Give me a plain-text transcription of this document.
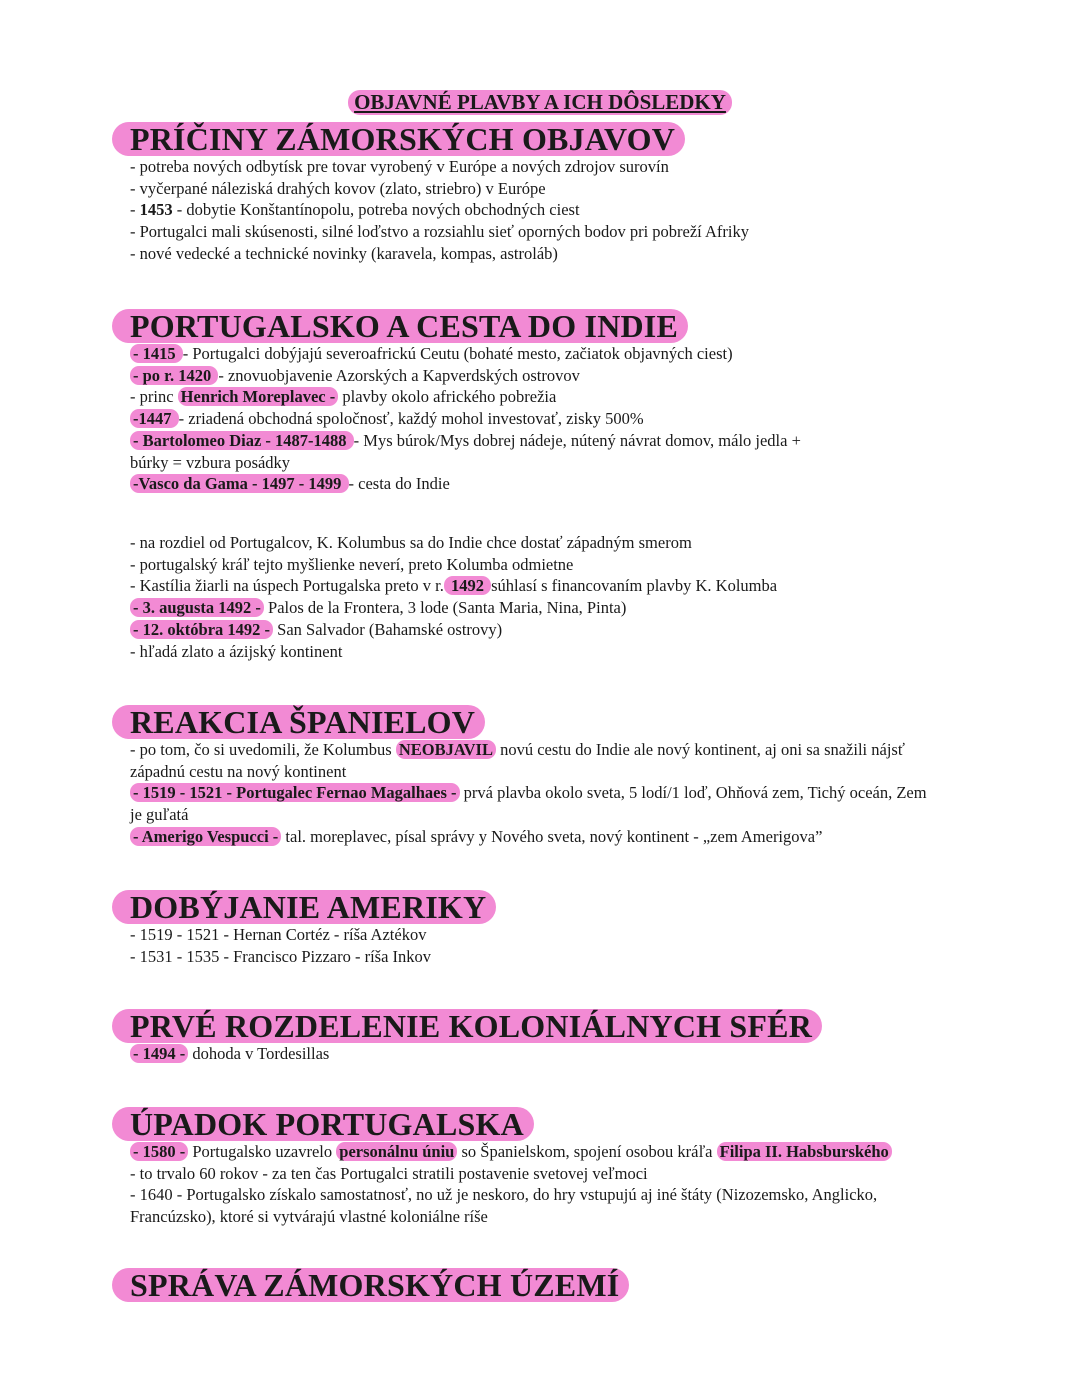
OBJAVNÉ PLAVBY A ICH DÔSLEDKY
PRÍČINY ZÁMORSKÝCH OBJAVOV
- potreba nových odbytísk pre tovar vyrobený v Európe a nových zdrojov surovín
- vyčerpané náleziská drahých kovov (zlato, striebro) v Európe
- 1453 - dobytie Konštantínopolu, potreba nových obchodných ciest
- Portugalci mali skúsenosti, silné loďstvo a rozsiahlu sieť oporných bodov pri pobreží Afriky
- nové vedecké a technické novinky (karavela, kompas, astroláb)
PORTUGALSKO A CESTA DO INDIE
- 1415 - Portugalci dobýjajú severoafrickú Ceutu (bohaté mesto, začiatok objavných ciest)
- po r. 1420 - znovuobjavenie Azorských a Kapverdských ostrovov
- princ Henrich Moreplavec - plavby okolo afrického pobrežia
-1447 - zriadená obchodná spoločnosť, každý mohol investovať, zisky 500%
- Bartolomeo Diaz - 1487-1488 - Mys búrok/Mys dobrej nádeje, nútený návrat domov, málo jedla + búrky = vzbura posádky
-Vasco da Gama - 1497 - 1499 - cesta do Indie
- na rozdiel od Portugalcov, K. Kolumbus sa do Indie chce dostať západným smerom
- portugalský kráľ tejto myšlienke neverí, preto Kolumba odmietne
- Kastília žiarli na úspech Portugalska preto v r. 1492 súhlasí s financovaním plavby K. Kolumba
- 3. augusta 1492 - Palos de la Frontera, 3 lode (Santa Maria, Nina, Pinta)
- 12. októbra 1492 - San Salvador (Bahamské ostrovy)
- hľadá zlato a ázijský kontinent
REAKCIA ŠPANIELOV
- po tom, čo si uvedomili, že Kolumbus NEOBJAVIL novú cestu do Indie ale nový kontinent, aj oni sa snažili nájsť západnú cestu na nový kontinent
- 1519 - 1521 - Portugalec Fernao Magalhaes - prvá plavba okolo sveta, 5 lodí/1 loď, Ohňová zem, Tichý oceán, Zem je guľatá
- Amerigo Vespucci - tal. moreplavec, písal správy y Nového sveta, nový kontinent - „zem Amerigova”
DOBÝJANIE AMERIKY
- 1519 - 1521 - Hernan Cortéz - ríša Aztékov
- 1531 - 1535 - Francisco Pizzaro - ríša Inkov
PRVÉ ROZDELENIE KOLONIÁLNYCH SFÉR
- 1494 - dohoda v Tordesillas
ÚPADOK PORTUGALSKA
- 1580 - Portugalsko uzavrelo personálnu úniu so Španielskom, spojení osobou kráľa Filipa II. Habsburského
- to trvalo 60 rokov - za ten čas Portugalci stratili postavenie svetovej veľmoci
- 1640 - Portugalsko získalo samostatnosť, no už je neskoro, do hry vstupujú aj iné štáty (Nizozemsko, Anglicko, Francúzsko), ktoré si vytvárajú vlastné koloniálne ríše
SPRÁVA ZÁMORSKÝCH ÚZEMÍ
